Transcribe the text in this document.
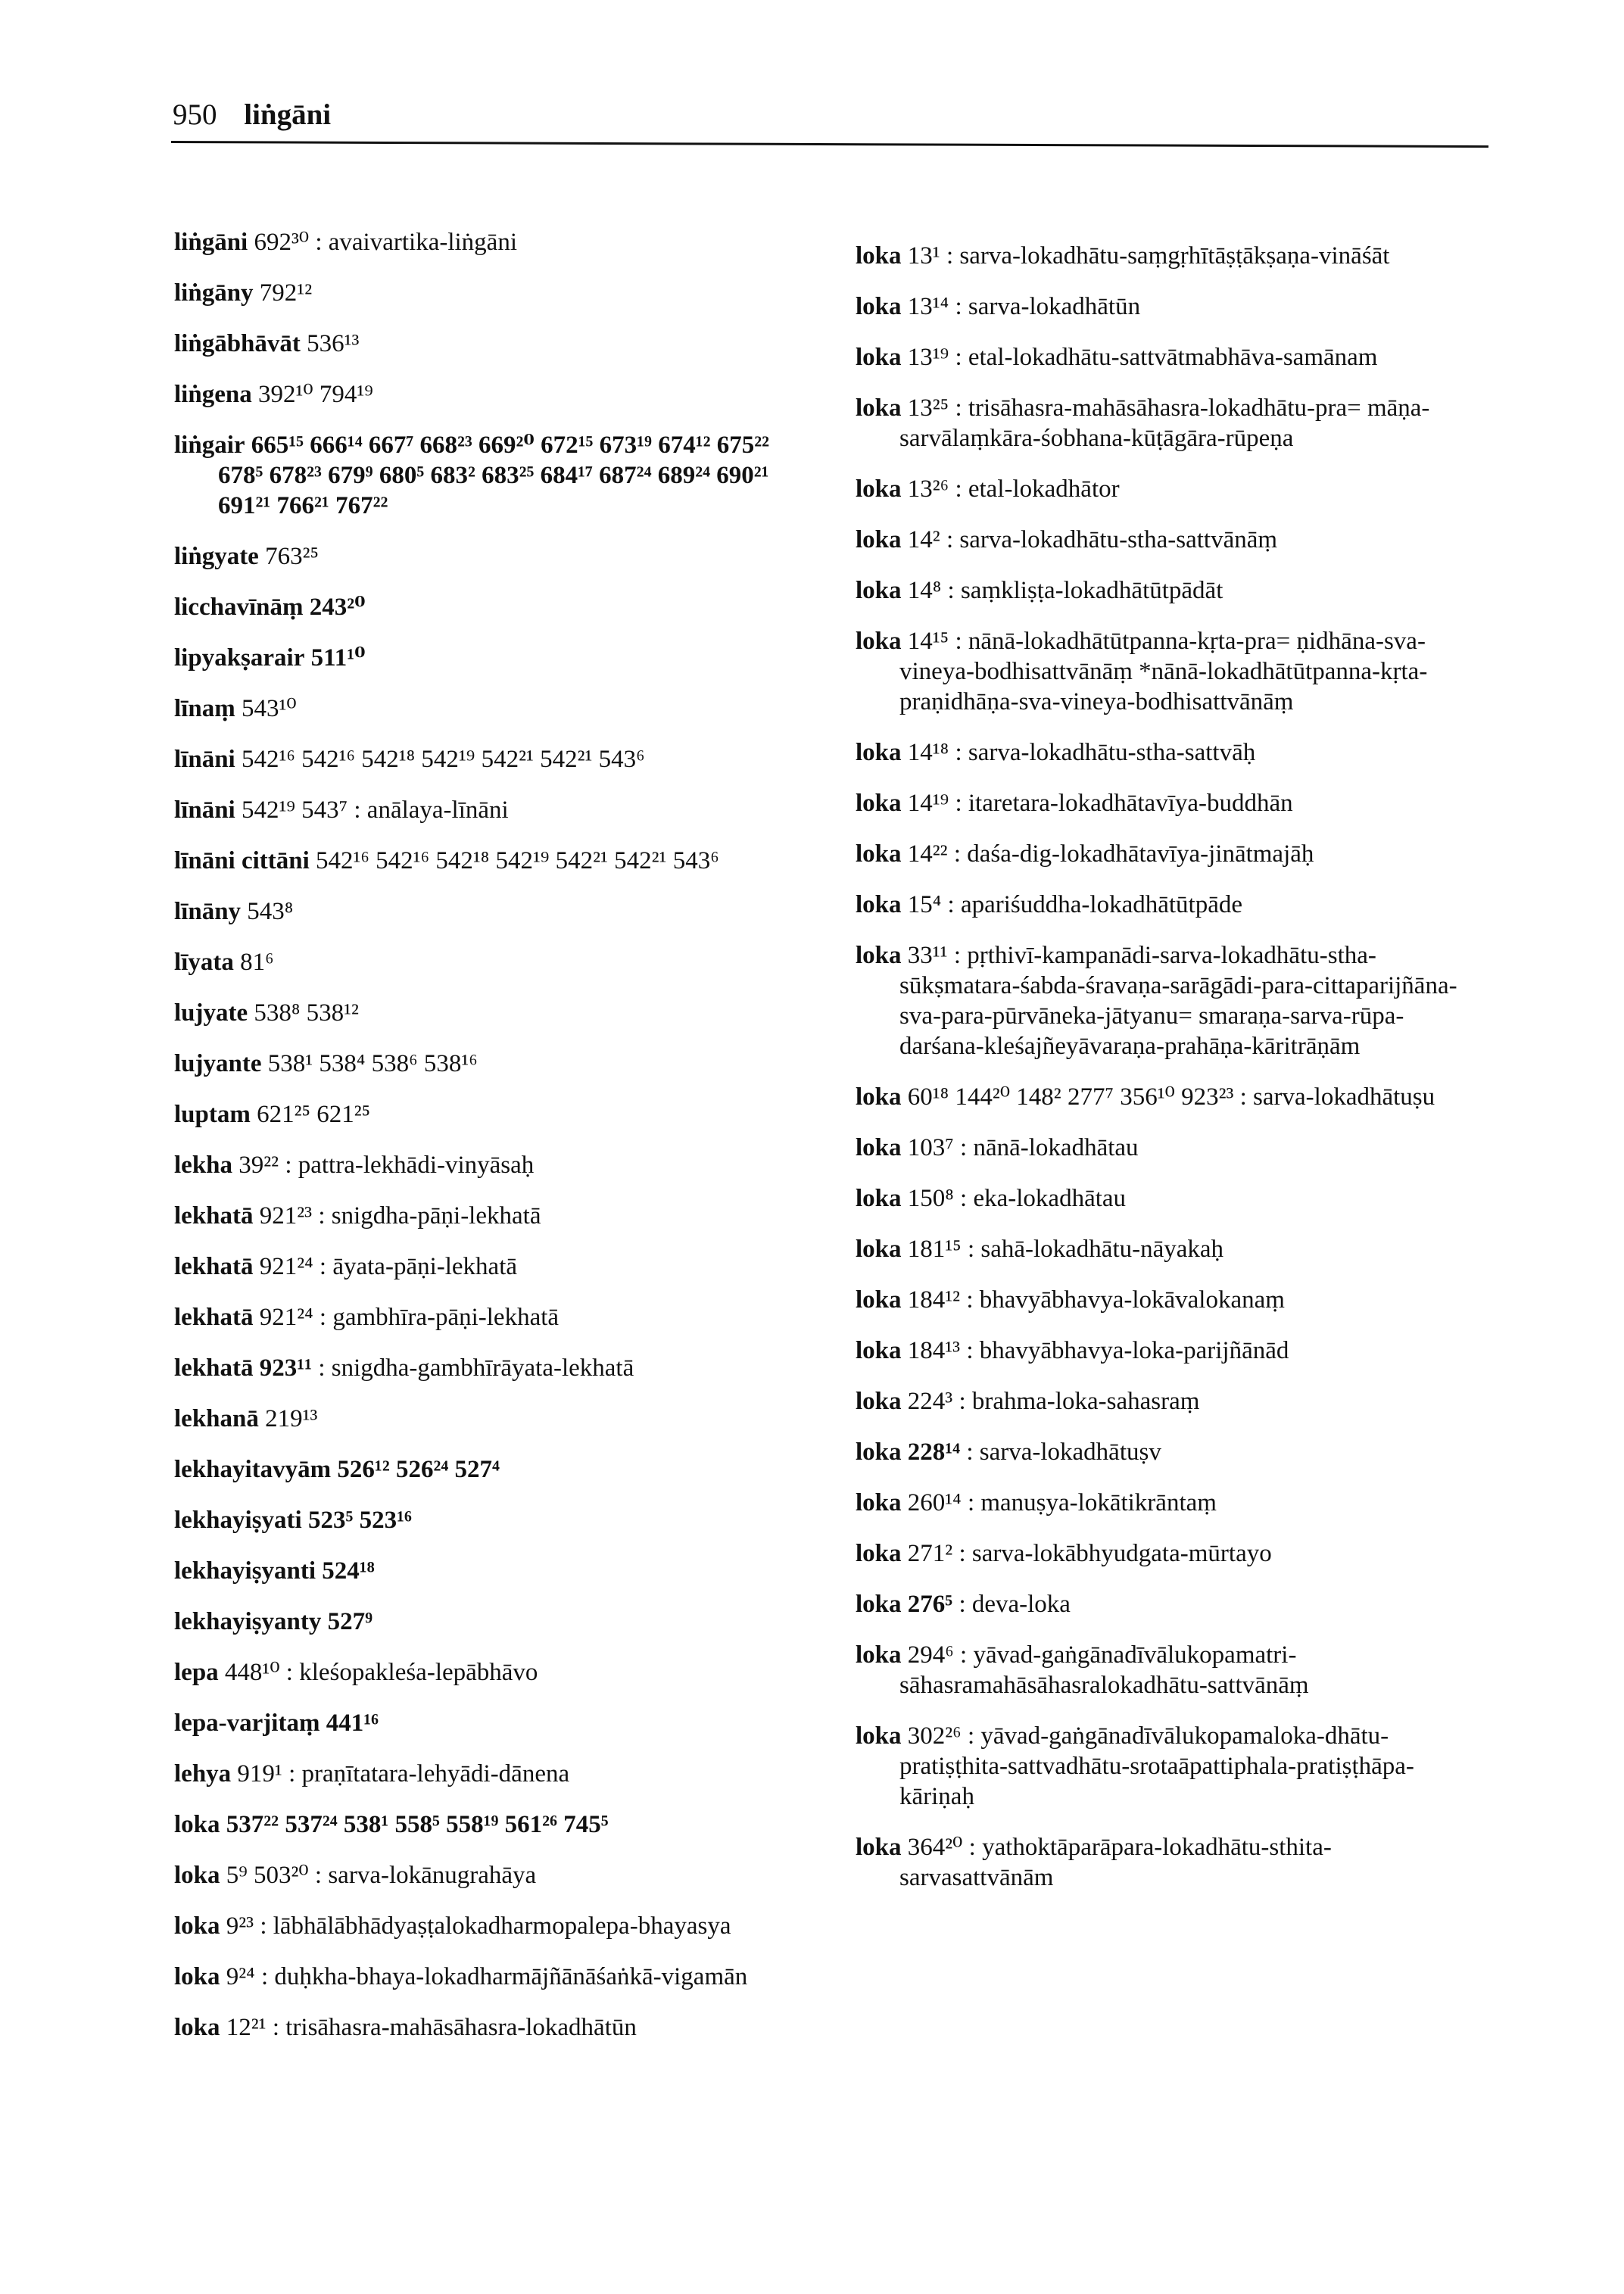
950 liṅgāni
liṅgāni 692³⁰ : avaivartika-liṅgāni
liṅgāny 792¹²
liṅgābhāvāt 536¹³
liṅgena 392¹⁰ 794¹⁹
liṅgair 665¹⁵ 666¹⁴ 667⁷ 668²³ 669²⁰ 672¹⁵ 673¹⁹ 674¹² 675²² 678⁵ 678²³ 679⁹ 680⁵ 683² 683²⁵ 684¹⁷ 687²⁴ 689²⁴ 690²¹ 691²¹ 766²¹ 767²²
liṅgyate 763²⁵
licchavīnāṃ 243²⁰
lipyakṣarair 511¹⁰
līnaṃ 543¹⁰
līnāni 542¹⁶ 542¹⁶ 542¹⁸ 542¹⁹ 542²¹ 542²¹ 543⁶
līnāni 542¹⁹ 543⁷ : anālaya-līnāni
līnāni cittāni 542¹⁶ 542¹⁶ 542¹⁸ 542¹⁹ 542²¹ 542²¹ 543⁶
līnāny 543⁸
līyata 81⁶
lujyate 538⁸ 538¹²
lujyante 538¹ 538⁴ 538⁶ 538¹⁶
luptam 621²⁵ 621²⁵
lekha 39²² : pattra-lekhādi-vinyāsaḥ
lekhatā 921²³ : snigdha-pāṇi-lekhatā
lekhatā 921²⁴ : āyata-pāṇi-lekhatā
lekhatā 921²⁴ : gambhīra-pāṇi-lekhatā
lekhatā 923¹¹ : snigdha-gambhīrāyata-lekhatā
lekhanā 219¹³
lekhayitavyām 526¹² 526²⁴ 527⁴
lekhayiṣyati 523⁵ 523¹⁶
lekhayiṣyanti 524¹⁸
lekhayiṣyanty 527⁹
lepa 448¹⁰ : kleśopakleśa-lepābhāvo
lepa-varjitaṃ 441¹⁶
lehya 919¹ : praṇītatara-lehyādi-dānena
loka 537²² 537²⁴ 538¹ 558⁵ 558¹⁹ 561²⁶ 745⁵
loka 5⁹ 503²⁰ : sarva-lokānugrahāya
loka 9²³ : lābhālābhādyaṣṭalokadharmopalepa-bhayasya
loka 9²⁴ : duḥkha-bhaya-lokadharmājñānāśaṅkā-vigamān
loka 12²¹ : trisāhasra-mahāsāhasra-lokadhātūn
loka 13¹ : sarva-lokadhātu-saṃgṛhītāṣṭākṣaṇa-vināśāt
loka 13¹⁴ : sarva-lokadhātūn
loka 13¹⁹ : etal-lokadhātu-sattvātmabhāva-samānam
loka 13²⁵ : trisāhasra-mahāsāhasra-lokadhātu-pra= māṇa-sarvālaṃkāra-śobhana-kūṭāgāra-rūpeṇa
loka 13²⁶ : etal-lokadhātor
loka 14² : sarva-lokadhātu-stha-sattvānāṃ
loka 14⁸ : saṃkliṣṭa-lokadhātūtpādāt
loka 14¹⁵ : nānā-lokadhātūtpanna-kṛta-pra= ṇidhāna-sva-vineya-bodhisattvānāṃ *nānā-lokadhātūtpanna-kṛta-praṇidhāṇa-sva-vineya-bodhisattvānāṃ
loka 14¹⁸ : sarva-lokadhātu-stha-sattvāḥ
loka 14¹⁹ : itaretara-lokadhātavīya-buddhān
loka 14²² : daśa-dig-lokadhātavīya-jinātmajāḥ
loka 15⁴ : apariśuddha-lokadhātūtpāde
loka 33¹¹ : pṛthivī-kampanādi-sarva-lokadhātu-stha-sūkṣmatara-śabda-śravaṇa-sarāgādi-para-cittaparijñāna-sva-para-pūrvāneka-jātyanu= smaraṇa-sarva-rūpa-darśana-kleśajñeyāvaraṇa-prahāṇa-kāritrāṇām
loka 60¹⁸ 144²⁰ 148² 277⁷ 356¹⁰ 923²³ : sarva-lokadhātuṣu
loka 103⁷ : nānā-lokadhātau
loka 150⁸ : eka-lokadhātau
loka 181¹⁵ : sahā-lokadhātu-nāyakaḥ
loka 184¹² : bhavyābhavya-lokāvalokanaṃ
loka 184¹³ : bhavyābhavya-loka-parijñānād
loka 224³ : brahma-loka-sahasraṃ
loka 228¹⁴ : sarva-lokadhātuṣv
loka 260¹⁴ : manuṣya-lokātikrāntaṃ
loka 271² : sarva-lokābhyudgata-mūrtayo
loka 276⁵ : deva-loka
loka 294⁶ : yāvad-gaṅgānadīvālukopamatri-sāhasramahāsāhasralokadhātu-sattvānāṃ
loka 302²⁶ : yāvad-gaṅgānadīvālukopamaloka-dhātu-pratiṣṭhita-sattvadhātu-srotaāpattiphala-pratiṣṭhāpa-kāriṇaḥ
loka 364²⁰ : yathoktāparāpara-lokadhātu-sthita-sarvasattvānām
